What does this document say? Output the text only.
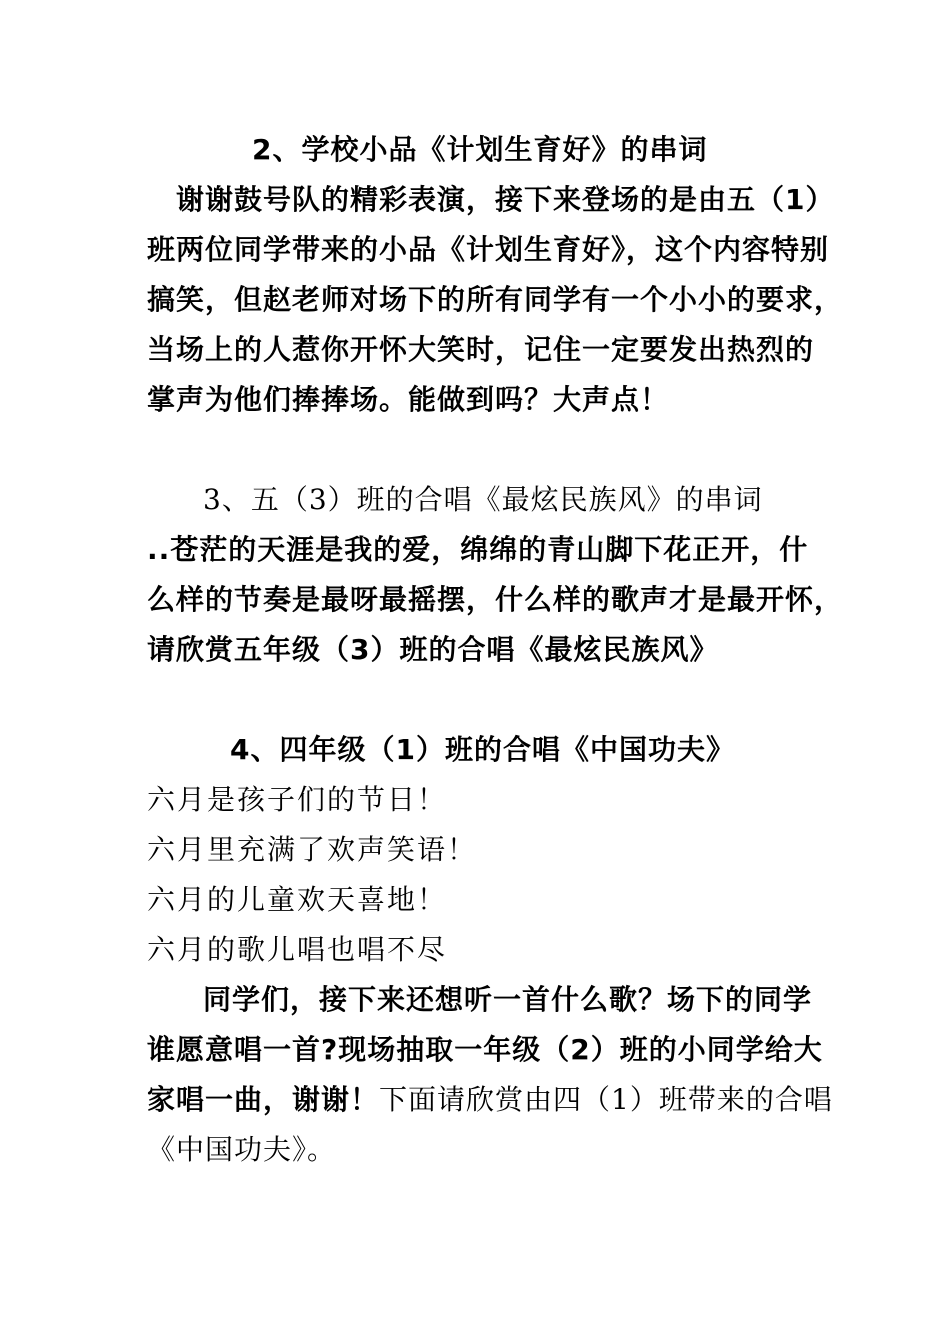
2、学校小品《计划生育好》的串词
谢谢鼓号队的精彩表演，接下来登场的是由五（1）
班两位同学带来的小品《计划生育好》，这个内容特别
搞笑，但赵老师对场下的所有同学有一个小小的要求，
当场上的人惹你开怀大笑时，记住一定要发出热烈的
掌声为他们捧捧场。能做到吗？大声点！
3、五（3）班的合唱《最炫民族风》的串词
..苍茫的天涯是我的爱，绵绵的青山脚下花正开，什
么样的节奏是最呀最摇摆，什么样的歌声才是最开怀，
请欣赏五年级（3）班的合唱《最炫民族风》
4、四年级（1）班的合唱《中国功夫》
六月是孩子们的节日！
六月里充满了欢声笑语！
六月的儿童欢天喜地！
六月的歌儿唱也唱不尽
同学们，接下来还想听一首什么歌？场下的同学
谁愿意唱一首?现场抽取一年级（2）班的小同学给大
家唱一曲，谢谢！下面请欣赏由四（1）班带来的合唱
《中国功夫》。
